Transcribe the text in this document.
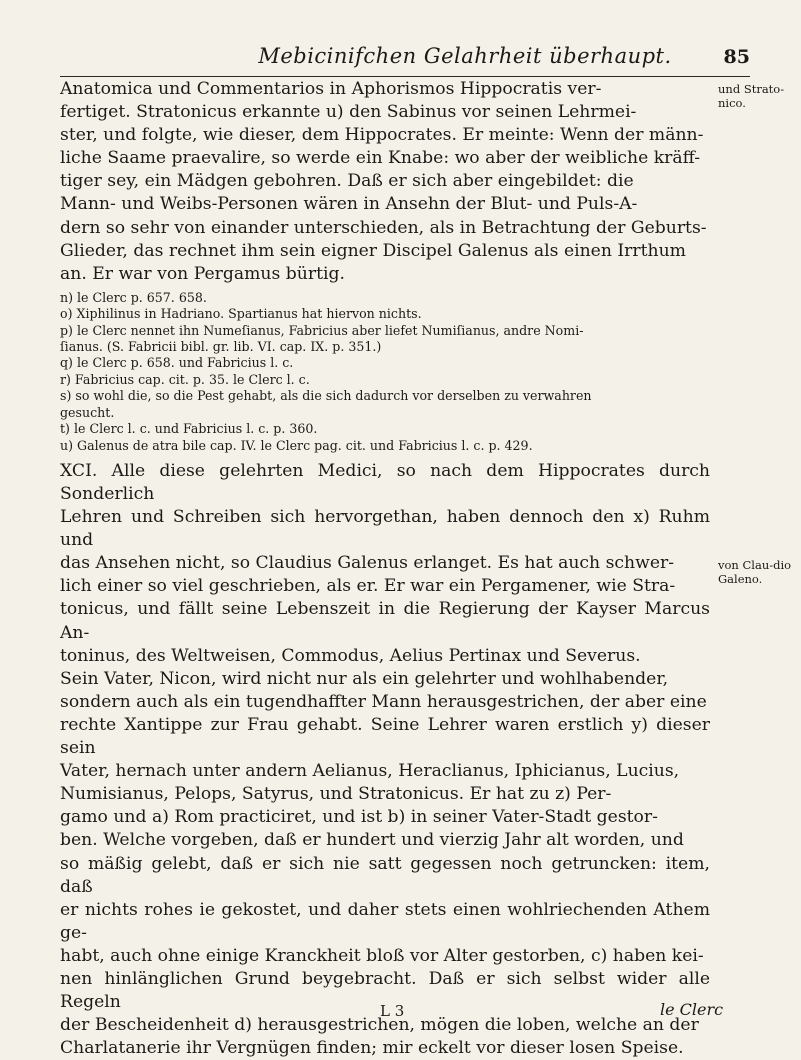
Mebicinifchen Gelahrheit überhaupt.	85
und Strato-nico.
von Clau-dio Galeno.

Anatomica und Commentarios in Aphorismos Hippocratis ver-

fertiget. Stratonicus erkannte u) den Sabinus vor seinen Lehrmei-

ster, und folgte, wie dieser, dem Hippocrates. Er meinte: Wenn der männ-

liche Saame praevalire, so werde ein Knabe: wo aber der weibliche kräff-

tiger sey, ein Mädgen gebohren. Daß er sich aber eingebildet: die

Mann- und Weibs-Personen wären in Ansehn der Blut- und Puls-A-

dern so sehr von einander unterschieden, als in Betrachtung der Geburts-

Glieder, das rechnet ihm sein eigner Discipel Galenus als einen Irrthum

an. Er war von Pergamus bürtig.

n) le Clerc p. 657. 658.

o) Xiphilinus in Hadriano. Spartianus hat hiervon nichts.

p) le Clerc nennet ihn Numeſianus, Fabricius aber liefet Numiſianus, andre Nomi-

ſianus. (S. Fabricii bibl. gr. lib. VI. cap. IX. p. 351.)

q) le Clerc p. 658. und Fabricius l. c.

r) Fabricius cap. cit. p. 35. le Clerc l. c.

s) so wohl die, so die Pest gehabt, als die sich dadurch vor derselben zu verwahren

gesucht.

t) le Clerc l. c. und Fabricius l. c. p. 360.

u) Galenus de atra bile cap. IV. le Clerc pag. cit. und Fabricius l. c. p. 429.

XCI. Alle diese gelehrten Medici, so nach dem Hippocrates durch Sonderlich

Lehren und Schreiben sich hervorgethan, haben dennoch den x) Ruhm und

das Ansehen nicht, so Claudius Galenus erlanget. Es hat auch schwer-

lich einer so viel geschrieben, als er. Er war ein Pergamener, wie Stra-

tonicus, und fällt seine Lebenszeit in die Regierung der Kayser Marcus An-

toninus, des Weltweisen, Commodus, Aelius Pertinax und Severus.

Sein Vater, Nicon, wird nicht nur als ein gelehrter und wohlhabender,

sondern auch als ein tugendhaffter Mann herausgestrichen, der aber eine

rechte Xantippe zur Frau gehabt. Seine Lehrer waren erstlich y) dieser sein

Vater, hernach unter andern Aelianus, Heraclianus, Iphicianus, Lucius,

Numisianus, Pelops, Satyrus, und Stratonicus. Er hat zu z) Per-

gamo und a) Rom practiciret, und ist b) in seiner Vater-Stadt gestor-

ben. Welche vorgeben, daß er hundert und vierzig Jahr alt worden, und

so mäßig gelebt, daß er sich nie satt gegessen noch getruncken: item, daß

er nichts rohes ie gekostet, und daher stets einen wohlriechenden Athem ge-

habt, auch ohne einige Kranckheit bloß vor Alter gestorben, c) haben kei-

nen hinlänglichen Grund beygebracht. Daß er sich selbst wider alle Regeln

der Bescheidenheit d) herausgestrichen, mögen die loben, welche an der

Charlatanerie ihr Vergnügen finden; mir eckelt vor dieser losen Speise.

L 3	le Clerc
